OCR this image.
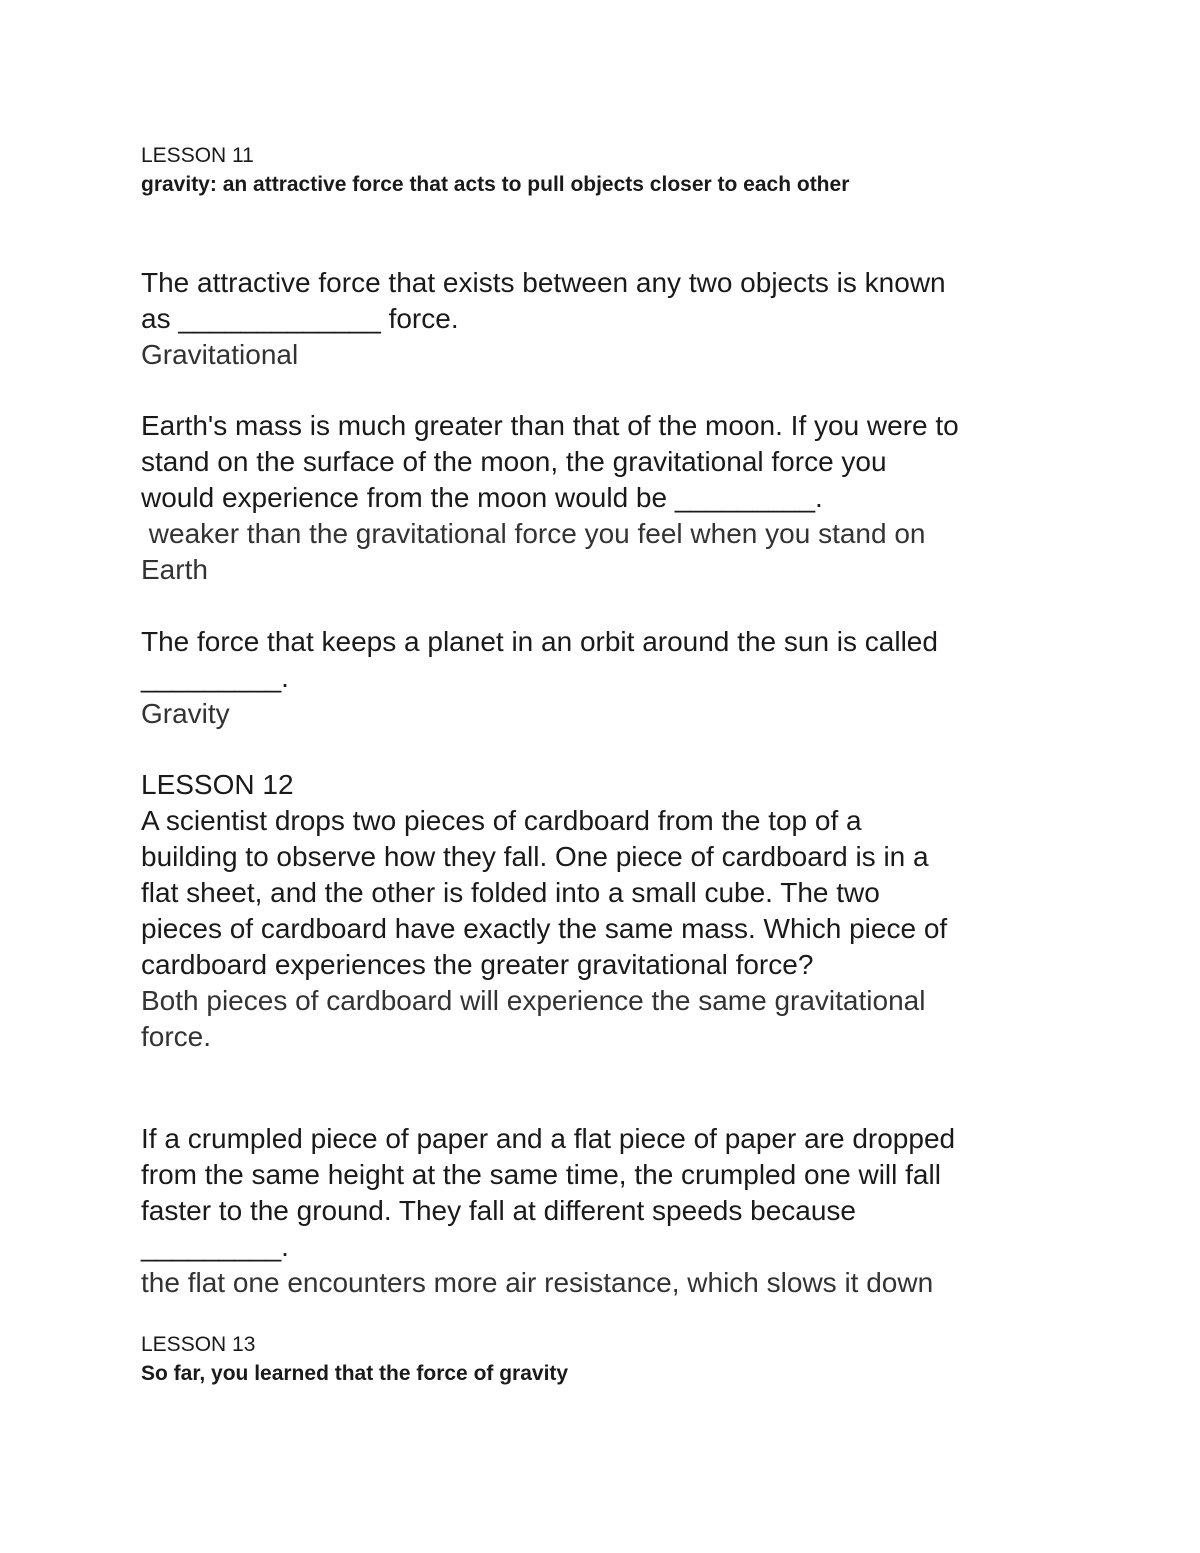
LESSON 11
gravity: an attractive force that acts to pull objects closer to each other
The attractive force that exists between any two objects is known
as _____________ force.
Gravitational
Earth's mass is much greater than that of the moon. If you were to
stand on the surface of the moon, the gravitational force you
would experience from the moon would be _________.
weaker than the gravitational force you feel when you stand on
Earth
The force that keeps a planet in an orbit around the sun is called
_________.
Gravity
LESSON 12
A scientist drops two pieces of cardboard from the top of a
building to observe how they fall. One piece of cardboard is in a
flat sheet, and the other is folded into a small cube. The two
pieces of cardboard have exactly the same mass. Which piece of
cardboard experiences the greater gravitational force?
Both pieces of cardboard will experience the same gravitational
force.
If a crumpled piece of paper and a flat piece of paper are dropped
from the same height at the same time, the crumpled one will fall
faster to the ground. They fall at different speeds because
_________.
the flat one encounters more air resistance, which slows it down
LESSON 13
So far, you learned that the force of gravity
